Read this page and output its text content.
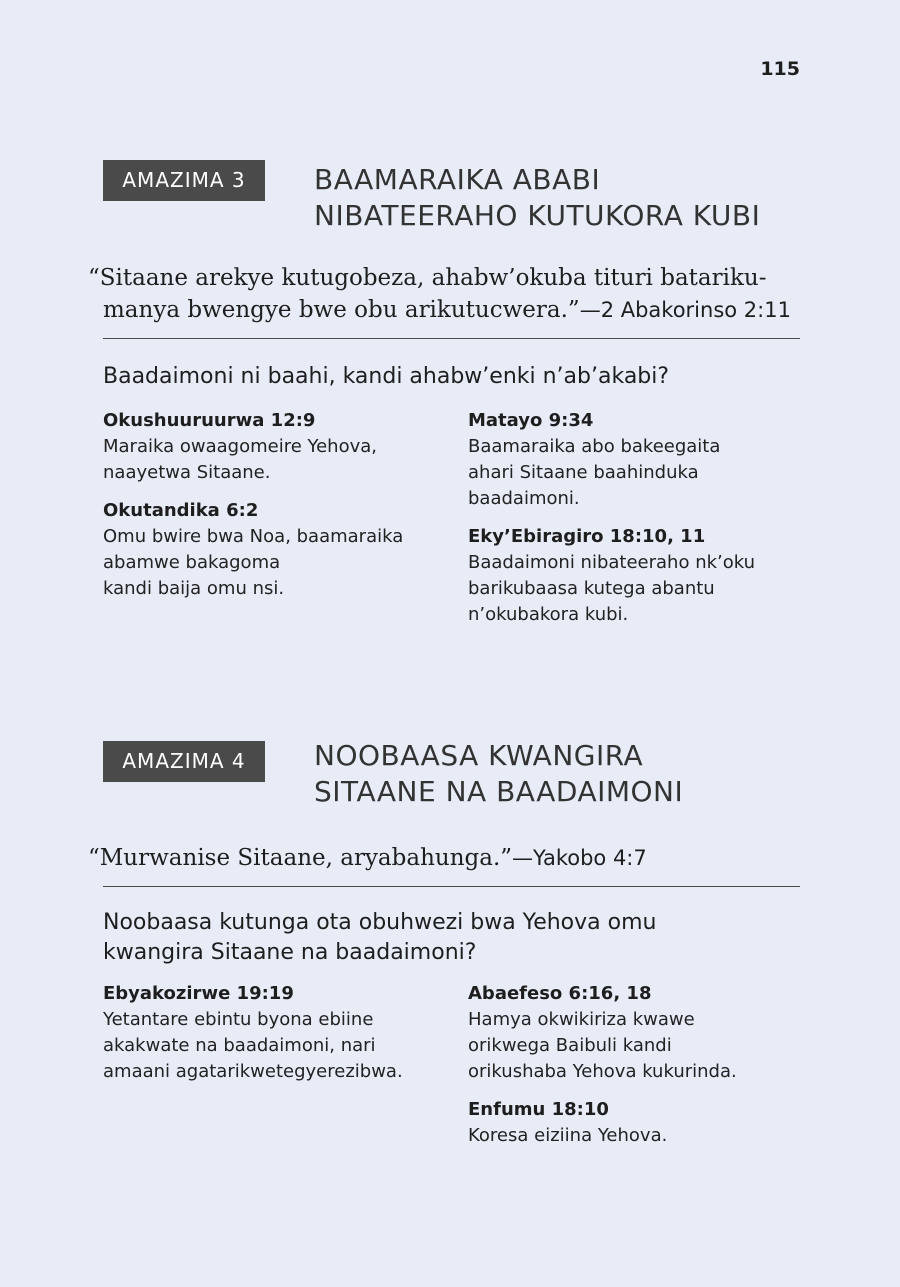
115
AMAZIMA 3	BAAMARAIKA ABABI
NIBATEERAHO KUTUKORA KUBI
“Sitaane arekye kutugobeza, ahabw’okuba tituri batariku-
manya bwengye bwe obu arikutucwera.”—2 Abakorinso 2:11
Baadaimoni ni baahi, kandi ahabw’enki n’ab’akabi?
Okushuuruurwa 12:9
Maraika owaagomeire Yehova,
naayetwa Sitaane.
Okutandika 6:2
Omu bwire bwa Noa, baamaraika
abamwe bakagoma
kandi baija omu nsi.
Matayo 9:34
Baamaraika abo bakeegaita
ahari Sitaane baahinduka
baadaimoni.
Eky’Ebiragiro 18:10, 11
Baadaimoni nibateeraho nk’oku
barikubaasa kutega abantu
n’okubakora kubi.
AMAZIMA 4	NOOBAASA KWANGIRA
SITAANE NA BAADAIMONI
“Murwanise Sitaane, aryabahunga.”—Yakobo 4:7
Noobaasa kutunga ota obuhwezi bwa Yehova omu
kwangira Sitaane na baadaimoni?
Ebyakozirwe 19:19
Yetantare ebintu byona ebiine
akakwate na baadaimoni, nari
amaani agatarikwetegyerezibwa.
Abaefeso 6:16, 18
Hamya okwikiriza kwawe
orikwega Baibuli kandi
orikushaba Yehova kukurinda.
Enfumu 18:10
Koresa eiziina Yehova.
